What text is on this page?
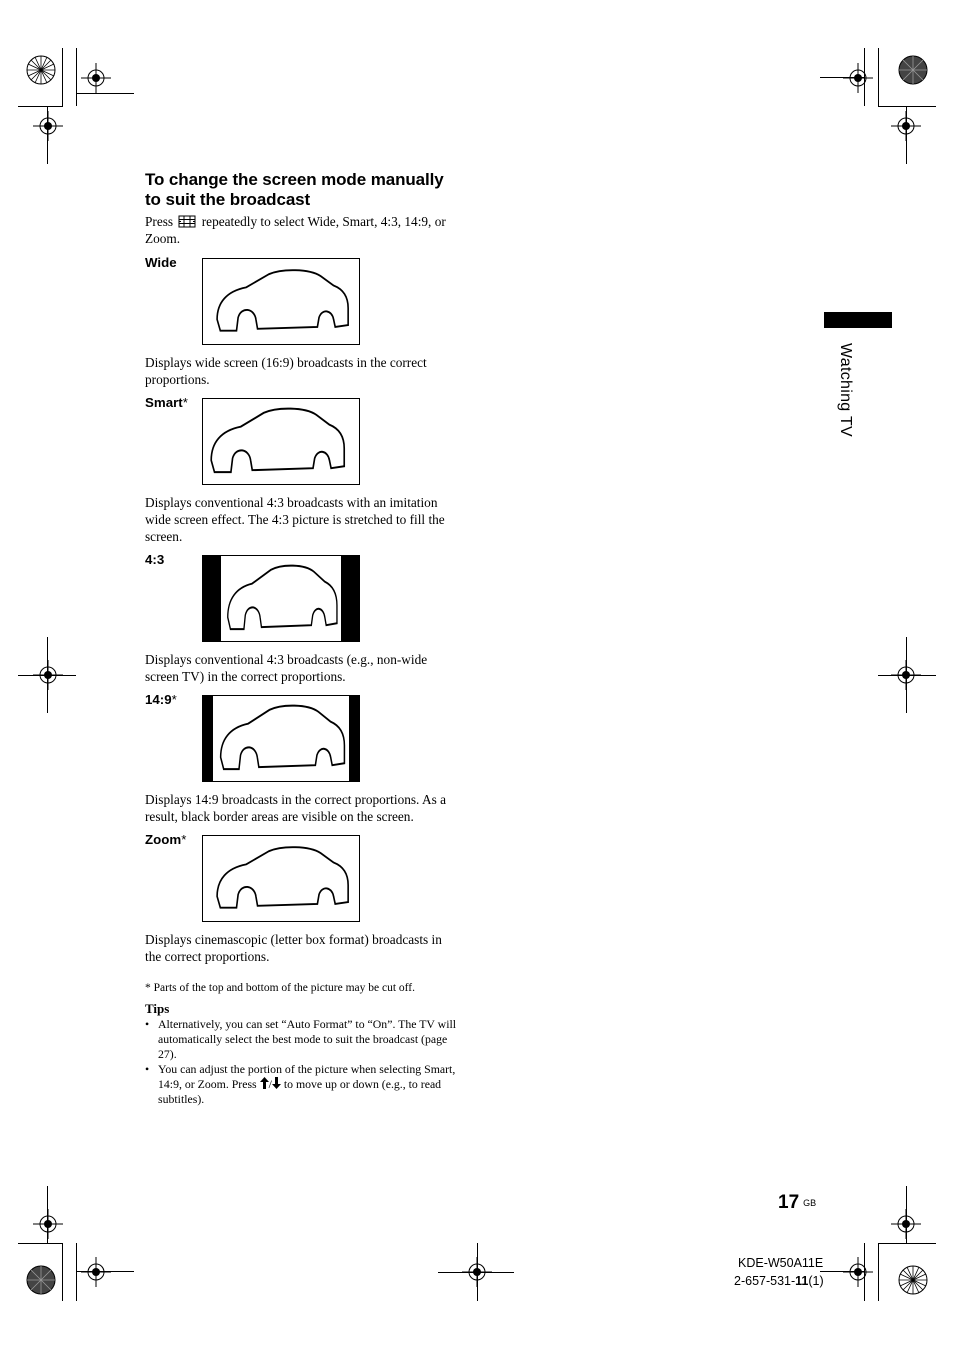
To change the screen mode manually to suit the broadcast

Press repeatedly to select Wide, Smart, 4:3, 14:9, or Zoom.

Wide

Displays wide screen (16:9) broadcasts in the correct proportions.

Smart*

Displays conventional 4:3 broadcasts with an imitation wide screen effect. The 4:3 picture is stretched to fill the screen.

4:3

Displays conventional 4:3 broadcasts (e.g., non-wide screen TV) in the correct proportions.

14:9*

Displays 14:9 broadcasts in the correct proportions. As a result, black border areas are visible on the screen.

Zoom*

Displays cinemascopic (letter box format) broadcasts in the correct proportions.

* Parts of the top and bottom of the picture may be cut off.

Tips
• Alternatively, you can set “Auto Format” to “On”. The TV will automatically select the best mode to suit the broadcast (page 27).
• You can adjust the portion of the picture when selecting Smart, 14:9, or Zoom. Press / to move up or down (e.g., to read subtitles).
Watching TV
17 GB
KDE-W50A11E
2-657-531-11(1)
